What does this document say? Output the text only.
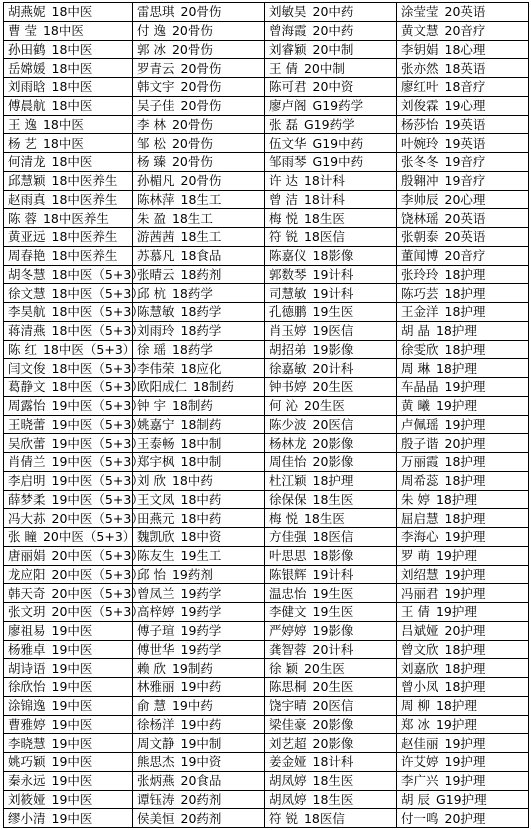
胡燕妮 18中医	雷思琪 20骨伤	刘敏昊 20中药	涂莹莹 20英语
曹 莹 18中医	付 逸 20骨伤	曾海霞 20中药	黄文慧 20音疗
孙田鹤 18中医	郭 冰 20骨伤	刘睿颖 20中制	李钥娟 18心理
岳嫦媛 18中医	罗青云 20骨伤	王 倩 20中制	张亦然 18英语
刘雨晗 18中医	韩文宇 20骨伤	陈可君 20中资	廖红叶 18音疗
傅晨航 18中医	吴子佳 20骨伤	廖卢阁 G19药学	刘俊霖 19心理
王 逸 18中医	李 林 20骨伤	张 磊 G19药学	杨莎怡 19英语
杨 艺 18中医	邹 松 20骨伤	伍文华 G19中药	叶婉玲 19英语
何清龙 18中医	杨 臻 20骨伤	邹雨琴 G19中药	张冬冬 19音疗
邱慧颖 18中医养生	孙楣凡 20骨伤	许 达 18计科	殷翱冲 19音疗
赵雨真 18中医养生	陈林萍 18生工	曾 洁 18计科	李帅辰 20心理
陈 蓉 18中医养生	朱 盈 18生工	梅 悦 18生医	饶林瑶 20英语
黄亚远 18中医养生	游茜茜 18生工	符 锐 18医信	张朝泰 20英语
周春艳 18中医养生	苏慕凡 18食品	陈嘉仪 18影像	董闻博 20音疗
胡冬慧 18中医（5+3）	张晴云 18药剂	郭数琴 19计科	张玲玲 18护理
徐文慧 18中医（5+3）	邱 杭 18药学	司慧敏 19计科	陈巧芸 18护理
李昊航 18中医（5+3）	陈慧敏 18药学	孔德鹏 19生医	王金洋 18护理
蒋清燕 18中医（5+3）	刘雨玲 18药学	肖玉婷 19医信	胡 晶 18护理
陈 红 18中医（5+3）	徐 瑶 18药学	胡招弟 19影像	徐雯欣 18护理
闫文俊 18中医（5+3）	李伟荣 18应化	徐嘉敏 20计科	周 琳 18护理
葛静文 18中医（5+3）	欧阳成仁 18制药	钟书婷 20生医	车晶晶 19护理
周露怡 19中医（5+3）	钟 宇 18制药	何 沁 20生医	黄 曦 19护理
王晓蕾 19中医（5+3）	姚嘉宁 18制药	陈少波 20医信	卢佩瑶 19护理
吴欣蕾 19中医（5+3）	王泰畅 18中制	杨林龙 20影像	殷子谐 20护理
肖倩兰 19中医（5+3）	郑宇枫 18中制	周佳怡 20影像	万丽霞 18护理
李启明 19中医（5+3）	刘 欣 18中药	杜江颖 18护理	周希蕊 18护理
薛梦柔 19中医（5+3）	王文凤 18中药	徐保保 18生医	朱 婷 18护理
冯大荪 20中医（5+3）	田燕元 18中药	梅 悦 18生医	屈启慧 18护理
张 瞳 20中医（5+3）	魏凯欣 18中资	方佳强 18医信	李海心 19护理
唐丽娟 20中医（5+3）	陈友生 19生工	叶思思 18影像	罗 萌 19护理
龙应阳 20中医（5+3）	邱 怡 19药剂	陈银辉 19计科	刘绍慧 19护理
韩天奇 20中医（5+3）	曾凤兰 19药学	温忠怡 19生医	冯丽君 19护理
张文玥 20中医（5+3）	高梓婷 19药学	李健文 19生医	王 倩 19护理
廖祖易 19中医	傅子瑄 19药学	严婷婷 19影像	吕斌娅 20护理
杨雅卓 19中医	傅世华 19药学	龚智蓉 20计科	曾文欣 18护理
胡诗语 19中医	赖 欣 19制药	徐 颖 20生医	刘嘉欣 18护理
徐欣怡 19中医	林雅丽 19中药	陈思桐 20生医	曾小凤 18护理
涂锦逸 19中医	俞 慧 19中药	饶宇晴 20医信	周 柳 18护理
曹雅婷 19中医	徐杨洋 19中药	梁佳豪 20影像	郑 冰 19护理
李晓慧 19中医	周文静 19中制	刘艺超 20影像	赵佳丽 19护理
姚巧颖 19中医	熊思杰 19中资	姜金娅 18计科	许艾婷 19护理
秦永远 19中医	张炳燕 20食品	胡凤婷 18生医	李广兴 19护理
刘筱娅 19中医	谭钰涛 20药剂	胡凤婷 18生医	胡 辰 G19护理
缪小清 19中医	侯美恒 20药剂	符 锐 18医信	付一鸣 20护理
